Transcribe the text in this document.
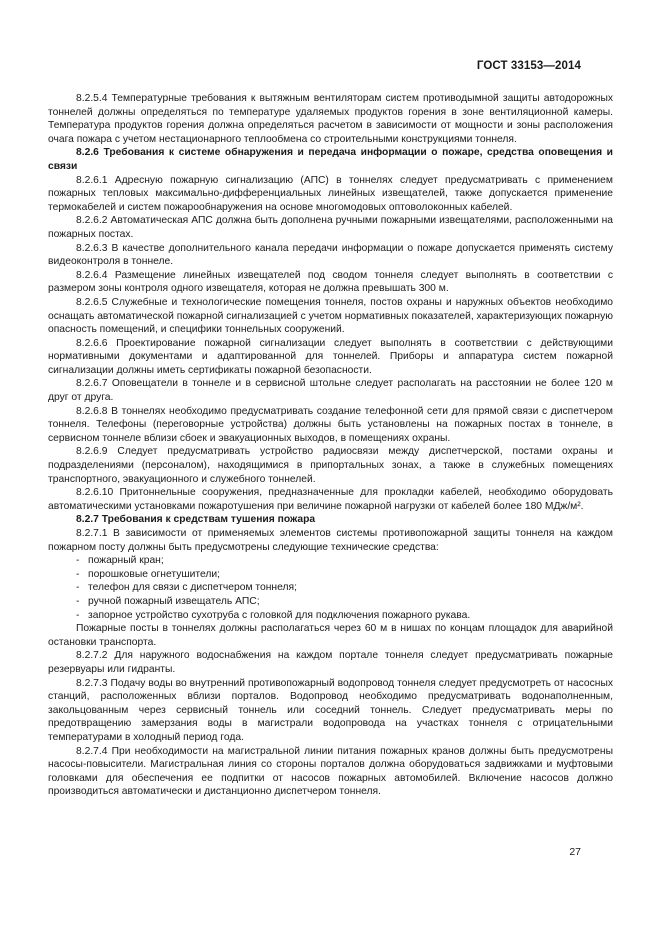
ГОСТ 33153—2014

8.2.5.4 Температурные требования к вытяжным вентиляторам систем противодымной защиты автодорожных тоннелей должны определяться по температуре удаляемых продуктов горения в зоне вентиляционной камеры. Температура продуктов горения должна определяться расчетом в зависимости от мощности и зоны расположения очага пожара с учетом нестационарного теплообмена со строительными конструкциями тоннеля.

8.2.6 Требования к системе обнаружения и передача информации о пожаре, средства оповещения и связи

8.2.6.1 Адресную пожарную сигнализацию (АПС) в тоннелях следует предусматривать с применением пожарных тепловых максимально-дифференциальных линейных извещателей, также допускается применение термокабелей и систем пожарообнаружения на основе многомодовых оптоволоконных кабелей.

8.2.6.2 Автоматическая АПС должна быть дополнена ручными пожарными извещателями, расположенными на пожарных постах.

8.2.6.3 В качестве дополнительного канала передачи информации о пожаре допускается применять систему видеоконтроля в тоннеле.

8.2.6.4 Размещение линейных извещателей под сводом тоннеля следует выполнять в соответствии с размером зоны контроля одного извещателя, которая не должна превышать 300 м.

8.2.6.5 Служебные и технологические помещения тоннеля, постов охраны и наружных объектов необходимо оснащать автоматической пожарной сигнализацией с учетом нормативных показателей, характеризующих пожарную опасность помещений, и специфики тоннельных сооружений.

8.2.6.6 Проектирование пожарной сигнализации следует выполнять в соответствии с действующими нормативными документами и адаптированной для тоннелей. Приборы и аппаратура систем пожарной сигнализации должны иметь сертификаты пожарной безопасности.

8.2.6.7 Оповещатели в тоннеле и в сервисной штольне следует располагать на расстоянии не более 120 м друг от друга.

8.2.6.8 В тоннелях необходимо предусматривать создание телефонной сети для прямой связи с диспетчером тоннеля. Телефоны (переговорные устройства) должны быть установлены на пожарных постах в тоннеле, в сервисном тоннеле вблизи сбоек и эвакуационных выходов, в помещениях охраны.

8.2.6.9 Следует предусматривать устройство радиосвязи между диспетчерской, постами охраны и подразделениями (персоналом), находящимися в припортальных зонах, а также в служебных помещениях транспортного, эвакуационного и служебного тоннелей.

8.2.6.10 Притоннельные сооружения, предназначенные для прокладки кабелей, необходимо оборудовать автоматическими установками пожаротушения при величине пожарной нагрузки от кабелей более 180 МДж/м².

8.2.7 Требования к средствам тушения пожара

8.2.7.1 В зависимости от применяемых элементов системы противопожарной защиты тоннеля на каждом пожарном посту должны быть предусмотрены следующие технические средства:

- пожарный кран;
- порошковые огнетушители;
- телефон для связи с диспетчером тоннеля;
- ручной пожарный извещатель АПС;
- запорное устройство сухотруба с головкой для подключения пожарного рукава.

Пожарные посты в тоннелях должны располагаться через 60 м в нишах по концам площадок для аварийной остановки транспорта.

8.2.7.2 Для наружного водоснабжения на каждом портале тоннеля следует предусматривать пожарные резервуары или гидранты.

8.2.7.3 Подачу воды во внутренний противопожарный водопровод тоннеля следует предусмотреть от насосных станций, расположенных вблизи порталов. Водопровод необходимо предусматривать водонаполненным, закольцованным через сервисный тоннель или соседний тоннель. Следует предусматривать меры по предотвращению замерзания воды в магистрали водопровода на участках тоннеля с отрицательными температурами в холодный период года.

8.2.7.4 При необходимости на магистральной линии питания пожарных кранов должны быть предусмотрены насосы-повысители. Магистральная линия со стороны порталов должна оборудоваться задвижками и муфтовыми головками для обеспечения ее подпитки от насосов пожарных автомобилей. Включение насосов должно производиться автоматически и дистанционно диспетчером тоннеля.

27
